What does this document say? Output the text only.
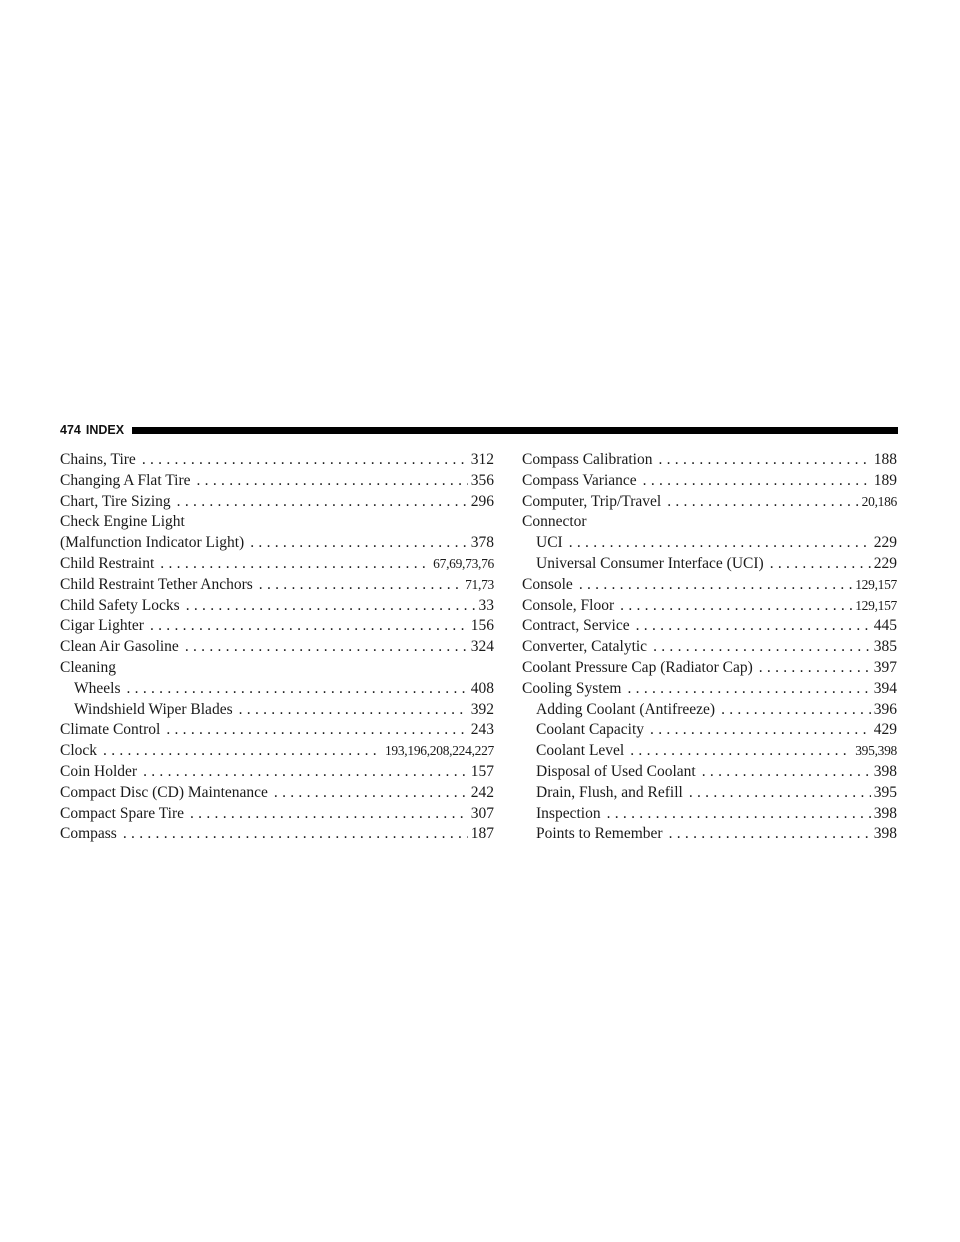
474 INDEX
Chains, Tire .....	312
Changing A Flat Tire .....	356
Chart, Tire Sizing .....	296
Check Engine Light
(Malfunction Indicator Light) .....	378
Child Restraint .....	67,69,73,76
Child Restraint Tether Anchors .....	71,73
Child Safety Locks .....	33
Cigar Lighter .....	156
Clean Air Gasoline .....	324
Cleaning
Wheels .....	408
Windshield Wiper Blades .....	392
Climate Control .....	243
Clock .....	193,196,208,224,227
Coin Holder .....	157
Compact Disc (CD) Maintenance .....	242
Compact Spare Tire .....	307
Compass .....	187
Compass Calibration .....	188
Compass Variance .....	189
Computer, Trip/Travel .....	20,186
Connector
UCI .....	229
Universal Consumer Interface (UCI) .....	229
Console .....	129,157
Console, Floor .....	129,157
Contract, Service .....	445
Converter, Catalytic .....	385
Coolant Pressure Cap (Radiator Cap) .....	397
Cooling System .....	394
Adding Coolant (Antifreeze) .....	396
Coolant Capacity .....	429
Coolant Level .....	395,398
Disposal of Used Coolant .....	398
Drain, Flush, and Refill .....	395
Inspection .....	398
Points to Remember .....	398
